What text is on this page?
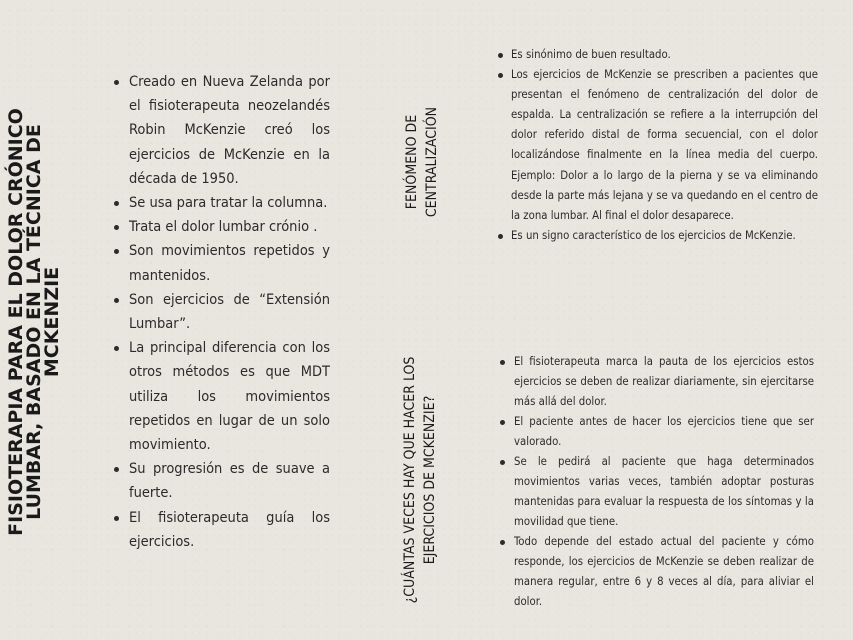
FISIOTERAPIA PARA EL DOLOR CRÓNICO LUMBAR, BASADO EN LA TÉCNICA DE MCKENZIE
Creado en Nueva Zelanda por el fisioterapeuta neozelandés Robin McKenzie creó los ejercicios de McKenzie en la década de 1950.
Se usa para tratar la columna.
Trata el dolor lumbar crónio .
Son movimientos repetidos y mantenidos.
Son ejercicios de “Extensión Lumbar”.
La principal diferencia con los otros métodos es que MDT utiliza los movimientos repetidos en lugar de un solo movimiento.
Su progresión es de suave a fuerte.
El fisioterapeuta guía los ejercicios.
FENÓMENO DE CENTRALIZACIÓN
Es sinónimo de buen resultado.
Los ejercicios de McKenzie se prescriben a pacientes que presentan el fenómeno de centralización del dolor de espalda. La centralización se refiere a la interrupción del dolor referido distal de forma secuencial, con el dolor localizándose finalmente en la línea media del cuerpo. Ejemplo: Dolor a lo largo de la pierna y se va eliminando desde la parte más lejana y se va quedando en el centro de la zona lumbar. Al final el dolor desaparece.
Es un signo característico de los ejercicios de McKenzie.
¿CUÁNTAS VECES HAY QUE HACER LOS EJERCICIOS DE MCKENZIE?
El fisioterapeuta marca la pauta de los ejercicios estos ejercicios se deben de realizar diariamente, sin ejercitarse más allá del dolor.
El paciente antes de hacer los ejercicios tiene que ser valorado.
Se le pedirá al paciente que haga determinados movimientos varias veces, también adoptar posturas mantenidas para evaluar la respuesta de los síntomas y la movilidad que tiene.
Todo depende del estado actual del paciente y cómo responde, los ejercicios de McKenzie se deben realizar de manera regular, entre 6 y 8 veces al día, para aliviar el dolor.
